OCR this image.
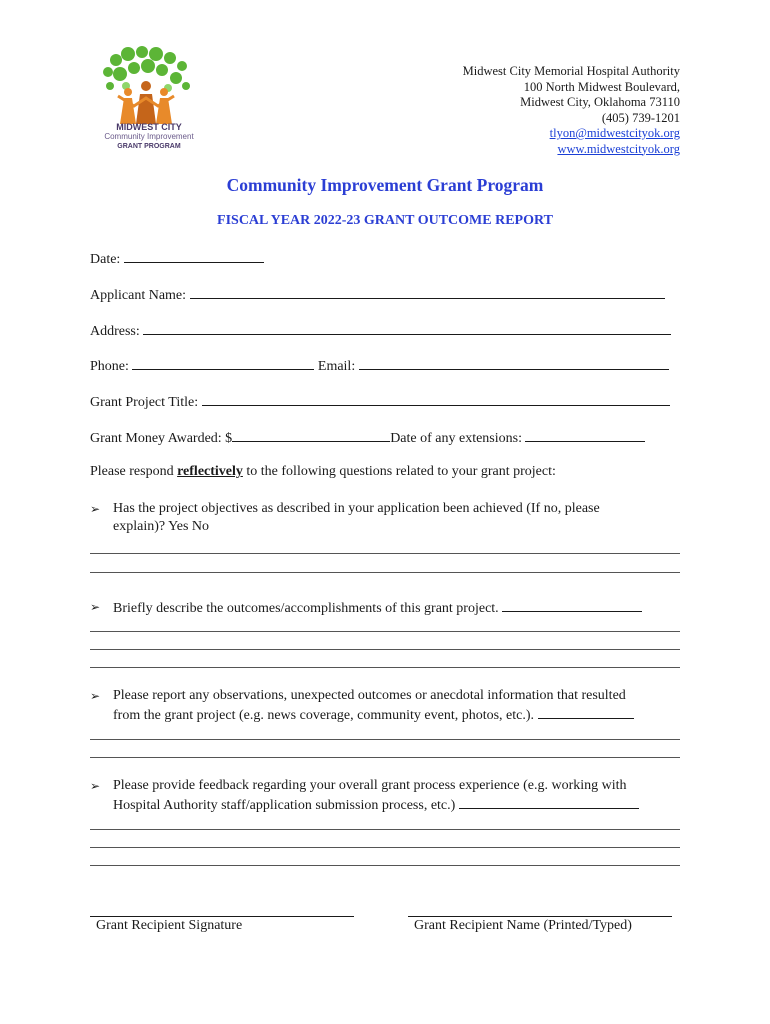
MIDWEST CITY
Community Improvement
GRANT PROGRAM
Midwest City Memorial Hospital Authority
100 North Midwest Boulevard,
Midwest City, Oklahoma 73110
(405) 739-1201
tlyon@midwestcityok.org
www.midwestcityok.org
Community Improvement Grant Program
FISCAL YEAR 2022-23 GRANT OUTCOME REPORT
Date:
Applicant Name:
Address:
Phone:	Email:
Grant Project Title:
Grant Money Awarded: $	Date of any extensions:
Please respond reflectively to the following questions related to your grant project:
➢ Has the project objectives as described in your application been achieved (If no, please
explain)? Yes No
➢ Briefly describe the outcomes/accomplishments of this grant project.
➢ Please report any observations, unexpected outcomes or anecdotal information that resulted
from the grant project (e.g. news coverage, community event, photos, etc.).
➢ Please provide feedback regarding your overall grant process experience (e.g. working with
Hospital Authority staff/application submission process, etc.)
Grant Recipient Signature	Grant Recipient Name (Printed/Typed)
